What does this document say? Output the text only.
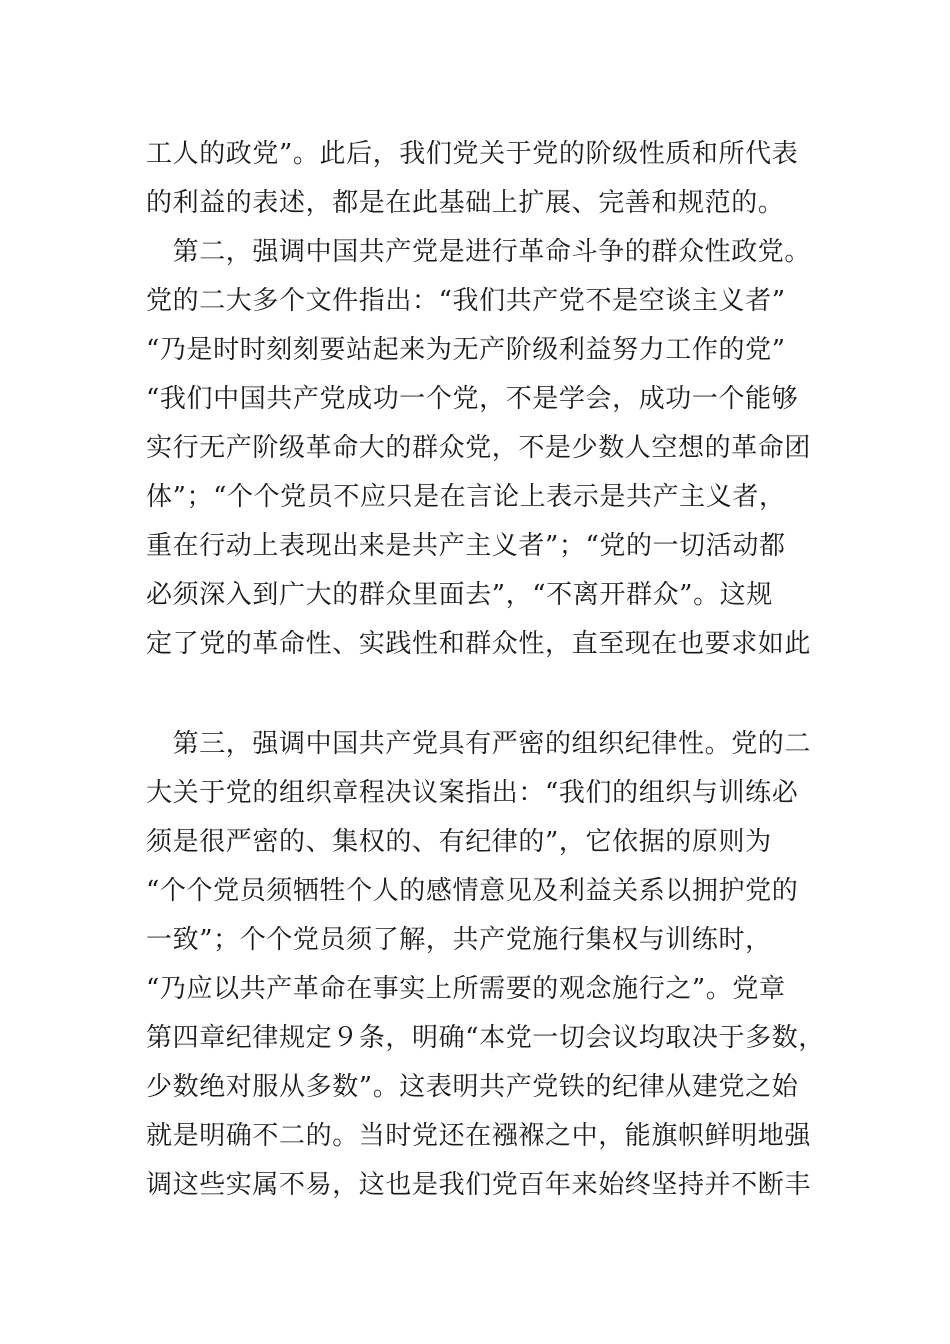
工人的政党”。此后，我们党关于党的阶级性质和所代表
的利益的表述，都是在此基础上扩展、完善和规范的。
　第二，强调中国共产党是进行革命斗争的群众性政党。
党的二大多个文件指出：“我们共产党不是空谈主义者”
“乃是时时刻刻要站起来为无产阶级利益努力工作的党”
“我们中国共产党成功一个党，不是学会，成功一个能够
实行无产阶级革命大的群众党，不是少数人空想的革命团
体”；“个个党员不应只是在言论上表示是共产主义者，
重在行动上表现出来是共产主义者”；“党的一切活动都
必须深入到广大的群众里面去”，“不离开群众”。这规
定了党的革命性、实践性和群众性，直至现在也要求如此
　第三，强调中国共产党具有严密的组织纪律性。党的二
大关于党的组织章程决议案指出：“我们的组织与训练必
须是很严密的、集权的、有纪律的”，它依据的原则为
“个个党员须牺牲个人的感情意见及利益关系以拥护党的
一致”；个个党员须了解，共产党施行集权与训练时，
“乃应以共产革命在事实上所需要的观念施行之”。党章
第四章纪律规定９条，明确“本党一切会议均取决于多数，
少数绝对服从多数”。这表明共产党铁的纪律从建党之始
就是明确不二的。当时党还在襁褓之中，能旗帜鲜明地强
调这些实属不易，这也是我们党百年来始终坚持并不断丰
